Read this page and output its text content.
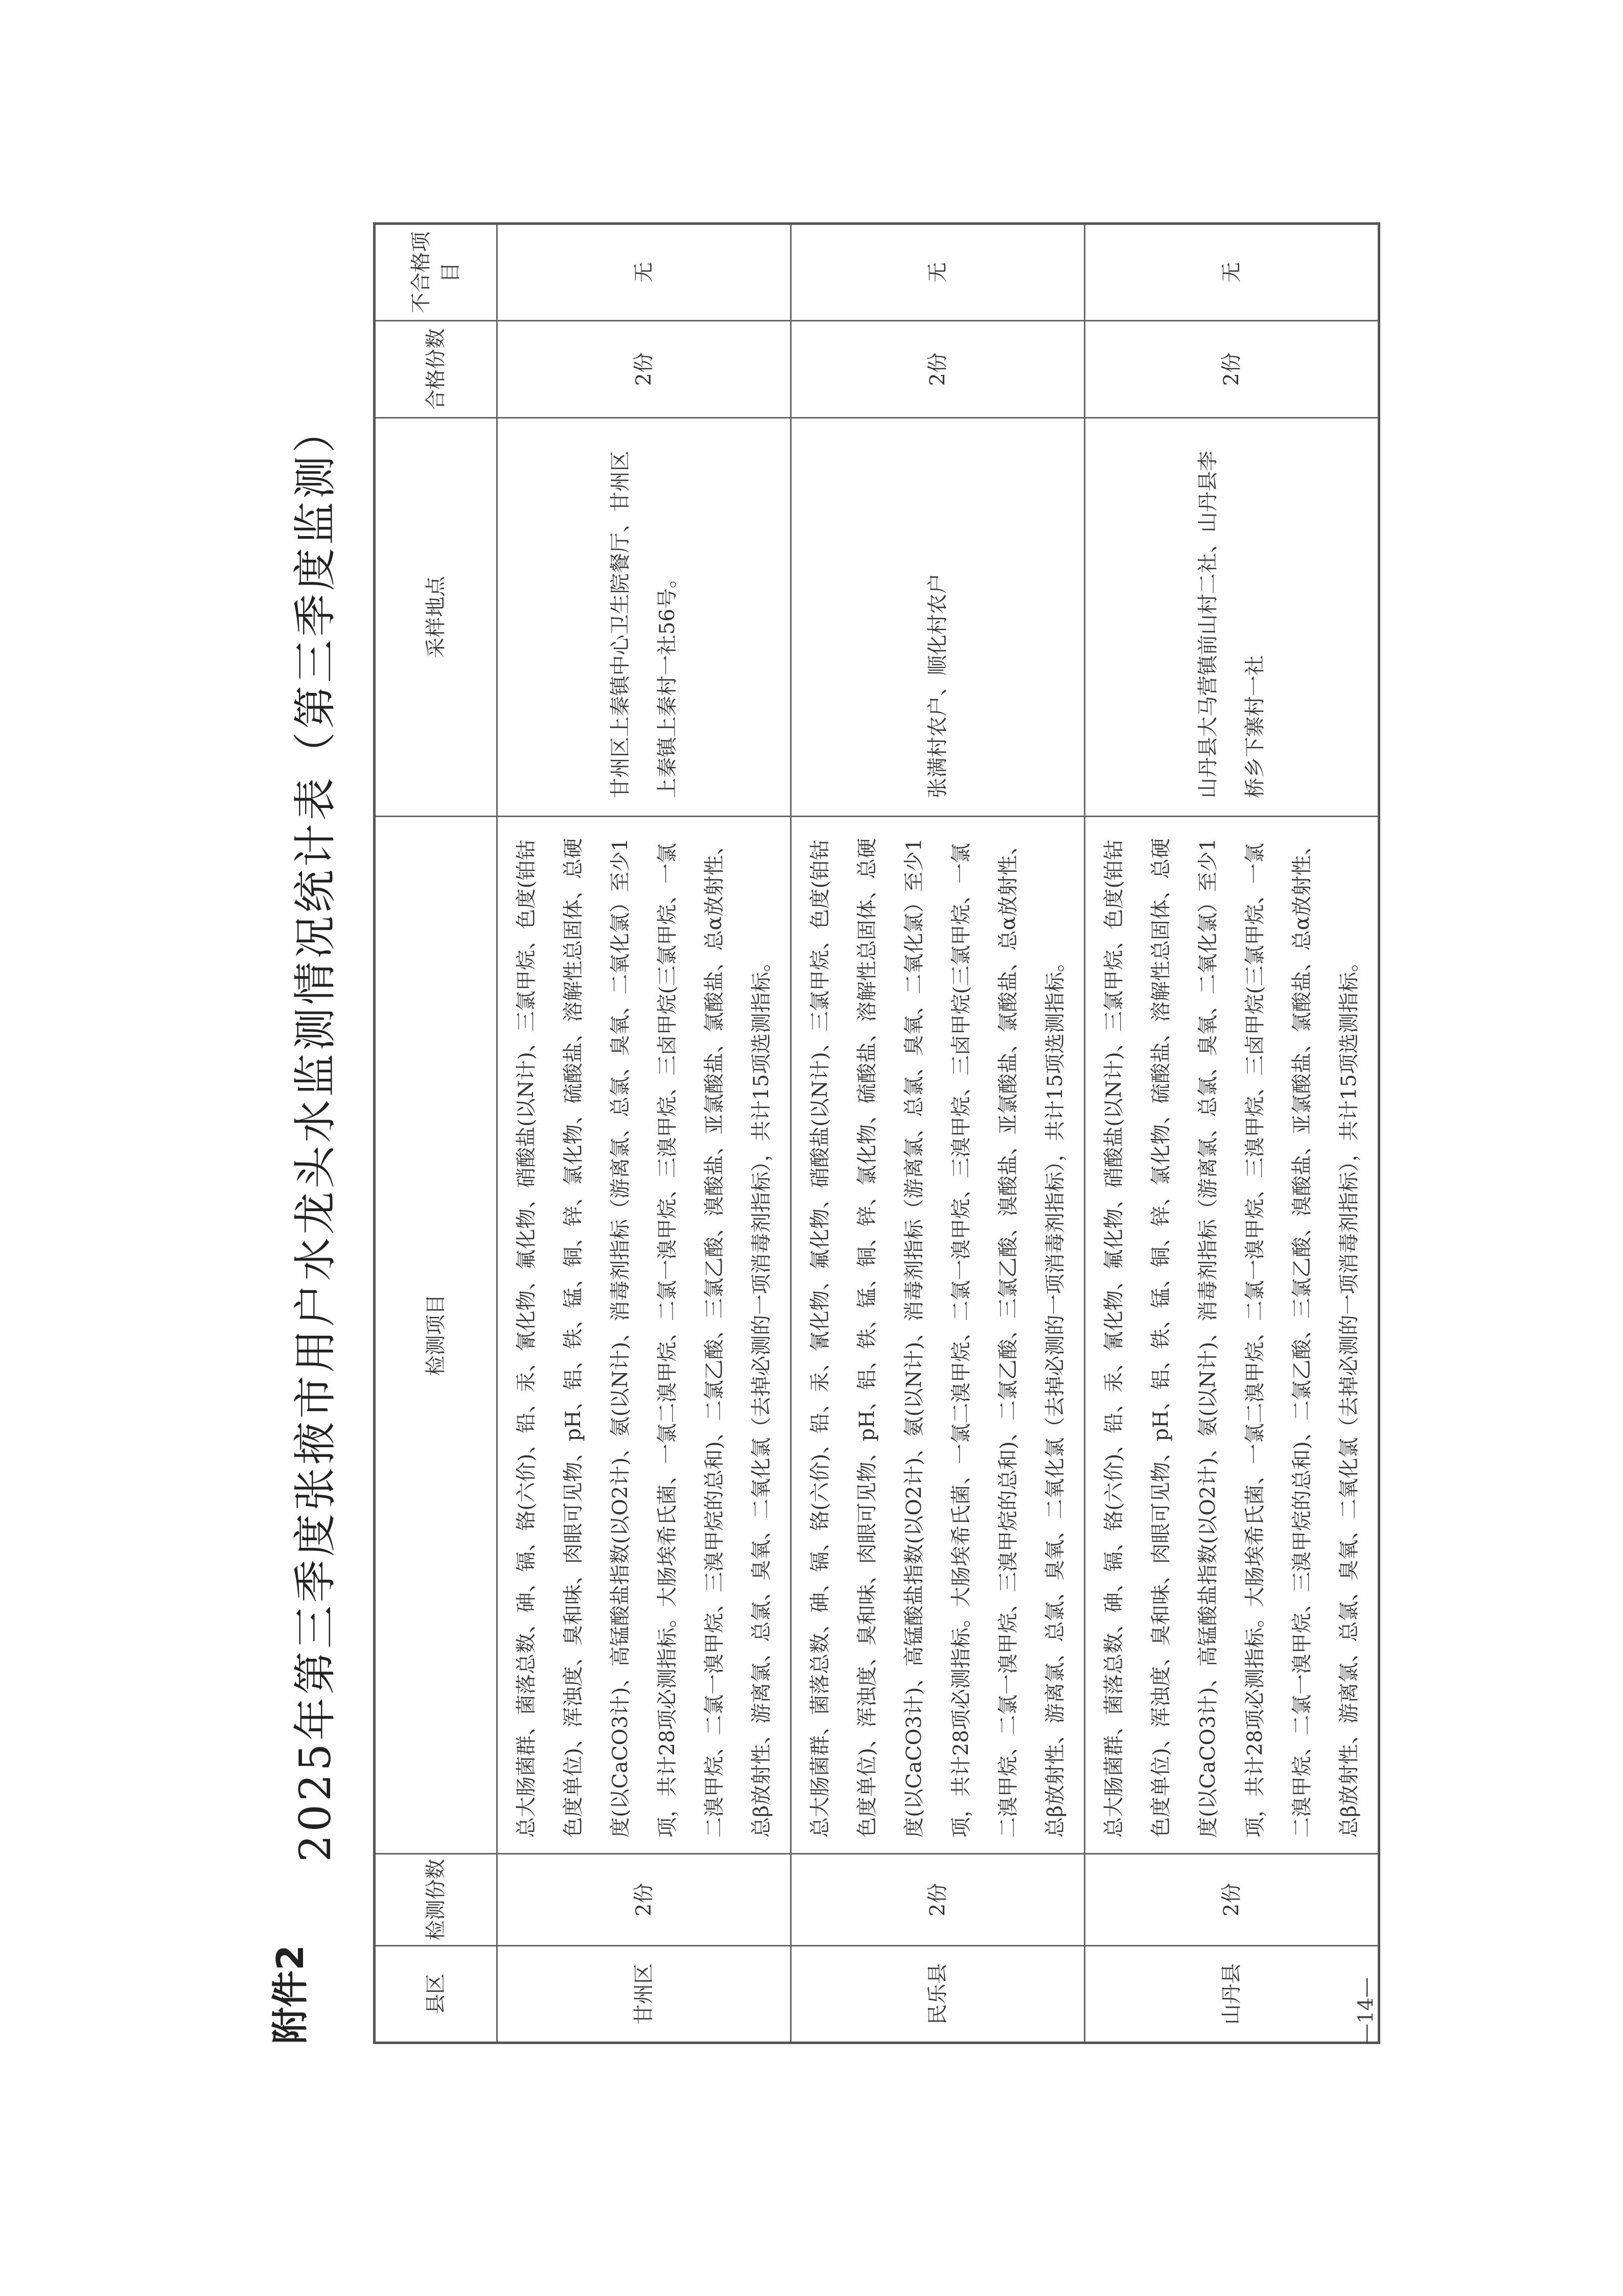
附件2
2025年第三季度张掖市用户水龙头水监测情况统计表（第三季度监测）
县区	检测份数	检测项目	采样地点	合格份数	不合格项目
甘州区	2份	总大肠菌群、菌落总数、砷、镉、铬(六价)、铅、汞、氰化物、氟化物、硝酸盐(以N计)、三氯甲烷、色度(铂钴色度单位)、浑浊度、臭和味、肉眼可见物、pH、铝、铁、锰、铜、锌、氯化物、硫酸盐、溶解性总固体、总硬度(以CaCO3计)、高锰酸盐指数(以O2计)、氨(以N计)、消毒剂指标（游离氯、总氯、臭氧、二氧化氯）至少1项，共计28项必测指标。大肠埃希氏菌、一氯二溴甲烷、二氯一溴甲烷、三溴甲烷、三卤甲烷(三氯甲烷、一氯二溴甲烷、二氯一溴甲烷、三溴甲烷的总和)、二氯乙酸、三氯乙酸、溴酸盐、亚氯酸盐、氯酸盐、总α放射性、总β放射性、游离氯、总氯、臭氧、二氧化氯（去掉必测的一项消毒剂指标），共计15项选测指标。	甘州区上秦镇中心卫生院餐厅、甘州区上秦镇上秦村一社56号。	2份	无
民乐县	2份	总大肠菌群、菌落总数、砷、镉、铬(六价)、铅、汞、氰化物、氟化物、硝酸盐(以N计)、三氯甲烷、色度(铂钴色度单位)、浑浊度、臭和味、肉眼可见物、pH、铝、铁、锰、铜、锌、氯化物、硫酸盐、溶解性总固体、总硬度(以CaCO3计)、高锰酸盐指数(以O2计)、氨(以N计)、消毒剂指标（游离氯、总氯、臭氧、二氧化氯）至少1项，共计28项必测指标。大肠埃希氏菌、一氯二溴甲烷、二氯一溴甲烷、三溴甲烷、三卤甲烷(三氯甲烷、一氯二溴甲烷、二氯一溴甲烷、三溴甲烷的总和)、二氯乙酸、三氯乙酸、溴酸盐、亚氯酸盐、氯酸盐、总α放射性、总β放射性、游离氯、总氯、臭氧、二氧化氯（去掉必测的一项消毒剂指标），共计15项选测指标。	张满村农户、顺化村农户	2份	无
山丹县	2份	总大肠菌群、菌落总数、砷、镉、铬(六价)、铅、汞、氰化物、氟化物、硝酸盐(以N计)、三氯甲烷、色度(铂钴色度单位)、浑浊度、臭和味、肉眼可见物、pH、铝、铁、锰、铜、锌、氯化物、硫酸盐、溶解性总固体、总硬度(以CaCO3计)、高锰酸盐指数(以O2计)、氨(以N计)、消毒剂指标（游离氯、总氯、臭氧、二氧化氯）至少1项，共计28项必测指标。大肠埃希氏菌、一氯二溴甲烷、二氯一溴甲烷、三溴甲烷、三卤甲烷(三氯甲烷、一氯二溴甲烷、二氯一溴甲烷、三溴甲烷的总和)、二氯乙酸、三氯乙酸、溴酸盐、亚氯酸盐、氯酸盐、总α放射性、总β放射性、游离氯、总氯、臭氧、二氧化氯（去掉必测的一项消毒剂指标），共计15项选测指标。	山丹县大马营镇前山村二社、山丹县李桥乡下寨村一社	2份	无
—14—
